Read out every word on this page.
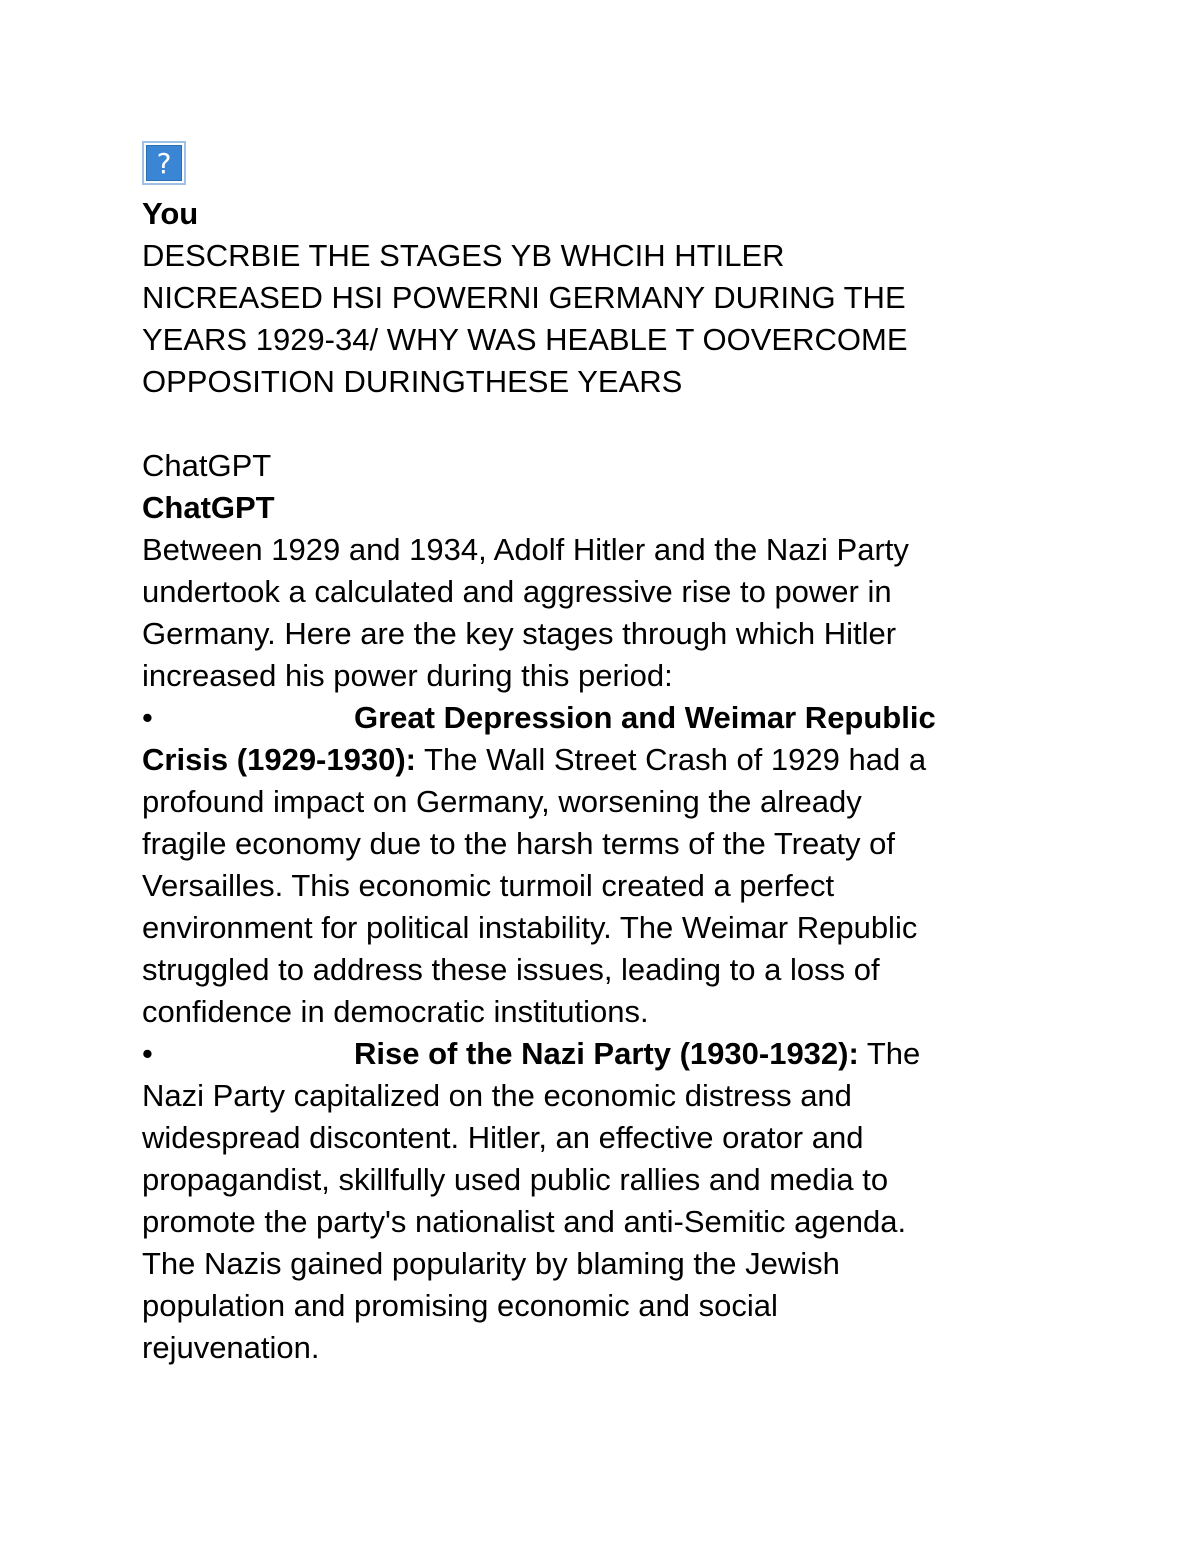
?
You
DESCRBIE THE STAGES YB WHCIH HTILER
NICREASED HSI POWERNI GERMANY DURING THE
YEARS 1929-34/ WHY WAS HEABLE T OOVERCOME
OPPOSITION DURINGTHESE YEARS
ChatGPT
ChatGPT
Between 1929 and 1934, Adolf Hitler and the Nazi Party
undertook a calculated and aggressive rise to power in
Germany. Here are the key stages through which Hitler
increased his power during this period:
•	Great Depression and Weimar Republic
Crisis (1929-1930): The Wall Street Crash of 1929 had a
profound impact on Germany, worsening the already
fragile economy due to the harsh terms of the Treaty of
Versailles. This economic turmoil created a perfect
environment for political instability. The Weimar Republic
struggled to address these issues, leading to a loss of
confidence in democratic institutions.
•	Rise of the Nazi Party (1930-1932): The
Nazi Party capitalized on the economic distress and
widespread discontent. Hitler, an effective orator and
propagandist, skillfully used public rallies and media to
promote the party's nationalist and anti-Semitic agenda.
The Nazis gained popularity by blaming the Jewish
population and promising economic and social
rejuvenation.
